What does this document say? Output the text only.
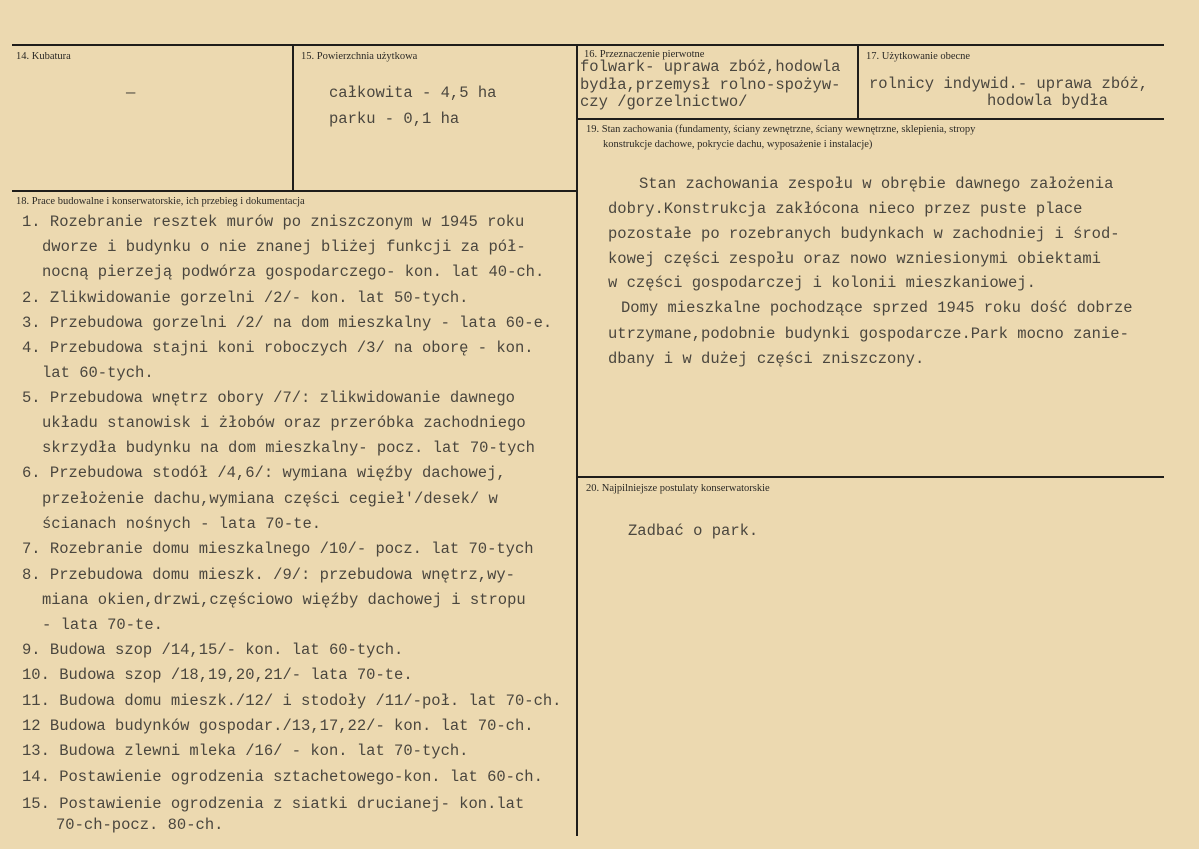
14. Kubatura
—
15. Powierzchnia użytkowa
całkowita - 4,5 ha
parku - 0,1 ha
16. Przeznaczenie pierwotne
folwark- uprawa zbóż,hodowla
bydła,przemysł rolno-spożyw-
czy /gorzelnictwo/
17. Użytkowanie obecne
rolnicy indywid.- uprawa zbóż,
hodowla bydła
18. Prace budowalne i konserwatorskie, ich przebieg i dokumentacja
1. Rozebranie resztek murów po zniszczonym w 1945 roku
dworze i budynku o nie znanej bliżej funkcji za pół-
nocną pierzeją podwórza gospodarczego- kon. lat 40-ch.
2. Zlikwidowanie gorzelni /2/- kon. lat 50-tych.
3. Przebudowa gorzelni /2/ na dom mieszkalny - lata 60-e.
4. Przebudowa stajni koni roboczych /3/ na oborę - kon.
lat 60-tych.
5. Przebudowa wnętrz obory /7/: zlikwidowanie dawnego
układu stanowisk i żłobów oraz przeróbka zachodniego
skrzydła budynku na dom mieszkalny- pocz. lat 70-tych
6. Przebudowa stodół /4,6/: wymiana więźby dachowej,
przełożenie dachu,wymiana części cegieł'/desek/ w
ścianach nośnych - lata 70-te.
7. Rozebranie domu mieszkalnego /10/- pocz. lat 70-tych
8. Przebudowa domu mieszk. /9/: przebudowa wnętrz,wy-
miana okien,drzwi,częściowo więźby dachowej i stropu
- lata 70-te.
9. Budowa szop /14,15/- kon. lat 60-tych.
10. Budowa szop /18,19,20,21/- lata 70-te.
11. Budowa domu mieszk./12/ i stodoły /11/-poł. lat 70-ch.
12 Budowa budynków gospodar./13,17,22/- kon. lat 70-ch.
13. Budowa zlewni mleka /16/ - kon. lat 70-tych.
14. Postawienie ogrodzenia sztachetowego-kon. lat 60-ch.
15. Postawienie ogrodzenia z siatki drucianej- kon.lat
70-ch-pocz. 80-ch.
19. Stan zachowania (fundamenty, ściany zewnętrzne, ściany wewnętrzne, sklepienia, stropy
konstrukcje dachowe, pokrycie dachu, wyposażenie i instalacje)
Stan zachowania zespołu w obrębie dawnego założenia
dobry.Konstrukcja zakłócona nieco przez puste place
pozostałe po rozebranych budynkach w zachodniej i środ-
kowej części zespołu oraz nowo wzniesionymi obiektami
w części gospodarczej i kolonii mieszkaniowej.
Domy mieszkalne pochodzące sprzed 1945 roku dość dobrze
utrzymane,podobnie budynki gospodarcze.Park mocno zanie-
dbany i w dużej części zniszczony.
20. Najpilniejsze postulaty konserwatorskie
Zadbać o park.
